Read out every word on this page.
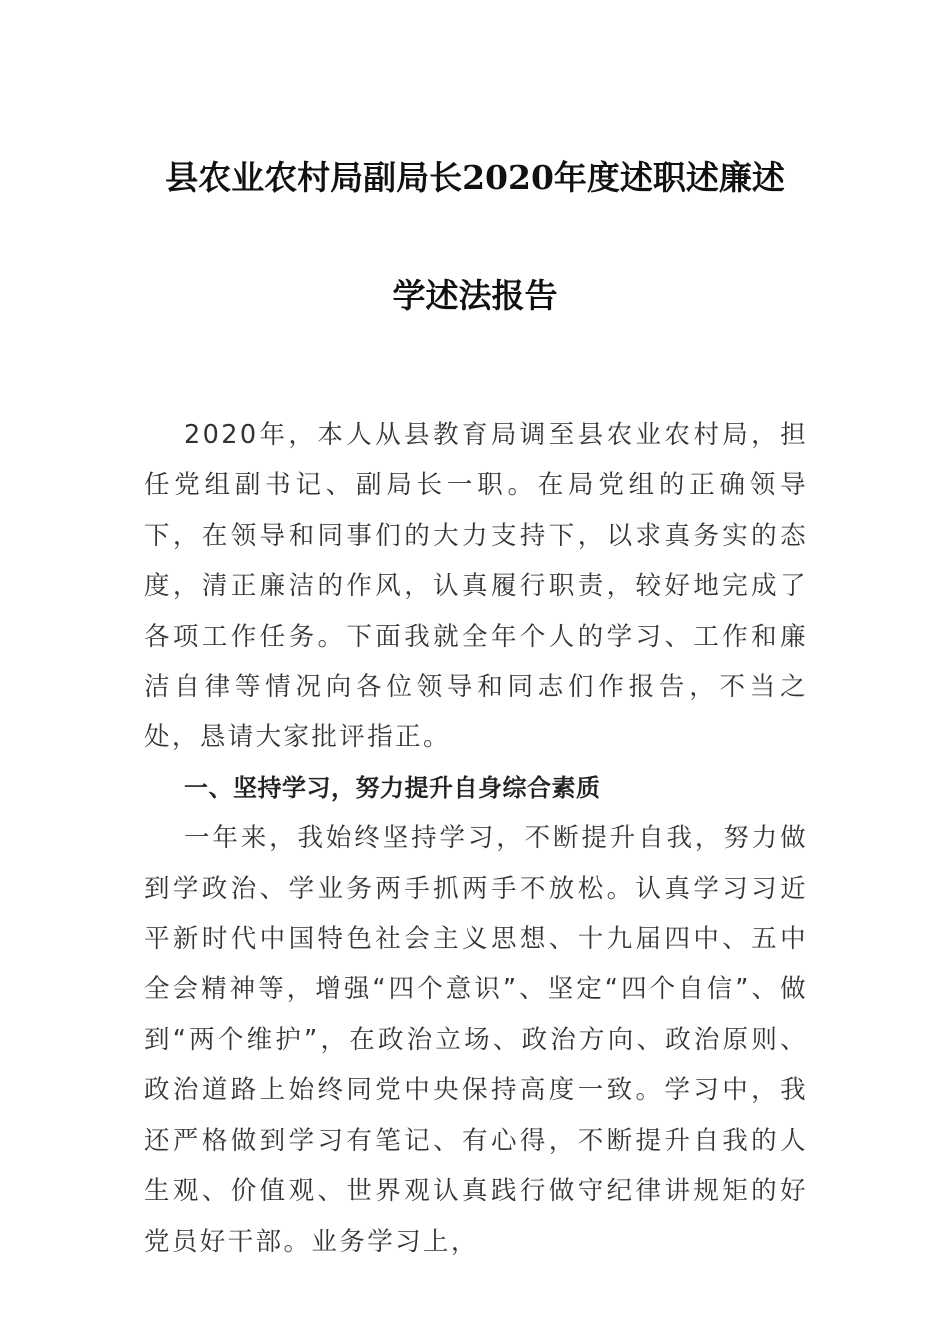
县农业农村局副局长2020年度述职述廉述
学述法报告

2020年，本人从县教育局调至县农业农村局，担任党组副书记、副局长一职。在局党组的正确领导下，在领导和同事们的大力支持下，以求真务实的态度，清正廉洁的作风，认真履行职责，较好地完成了各项工作任务。下面我就全年个人的学习、工作和廉洁自律等情况向各位领导和同志们作报告，不当之处，恳请大家批评指正。

一、坚持学习，努力提升自身综合素质

一年来，我始终坚持学习，不断提升自我，努力做到学政治、学业务两手抓两手不放松。认真学习习近平新时代中国特色社会主义思想、十九届四中、五中全会精神等，增强“四个意识”、坚定“四个自信”、做到“两个维护”，在政治立场、政治方向、政治原则、政治道路上始终同党中央保持高度一致。学习中，我还严格做到学习有笔记、有心得，不断提升自我的人生观、价值观、世界观认真践行做守纪律讲规矩的好党员好干部。业务学习上，
